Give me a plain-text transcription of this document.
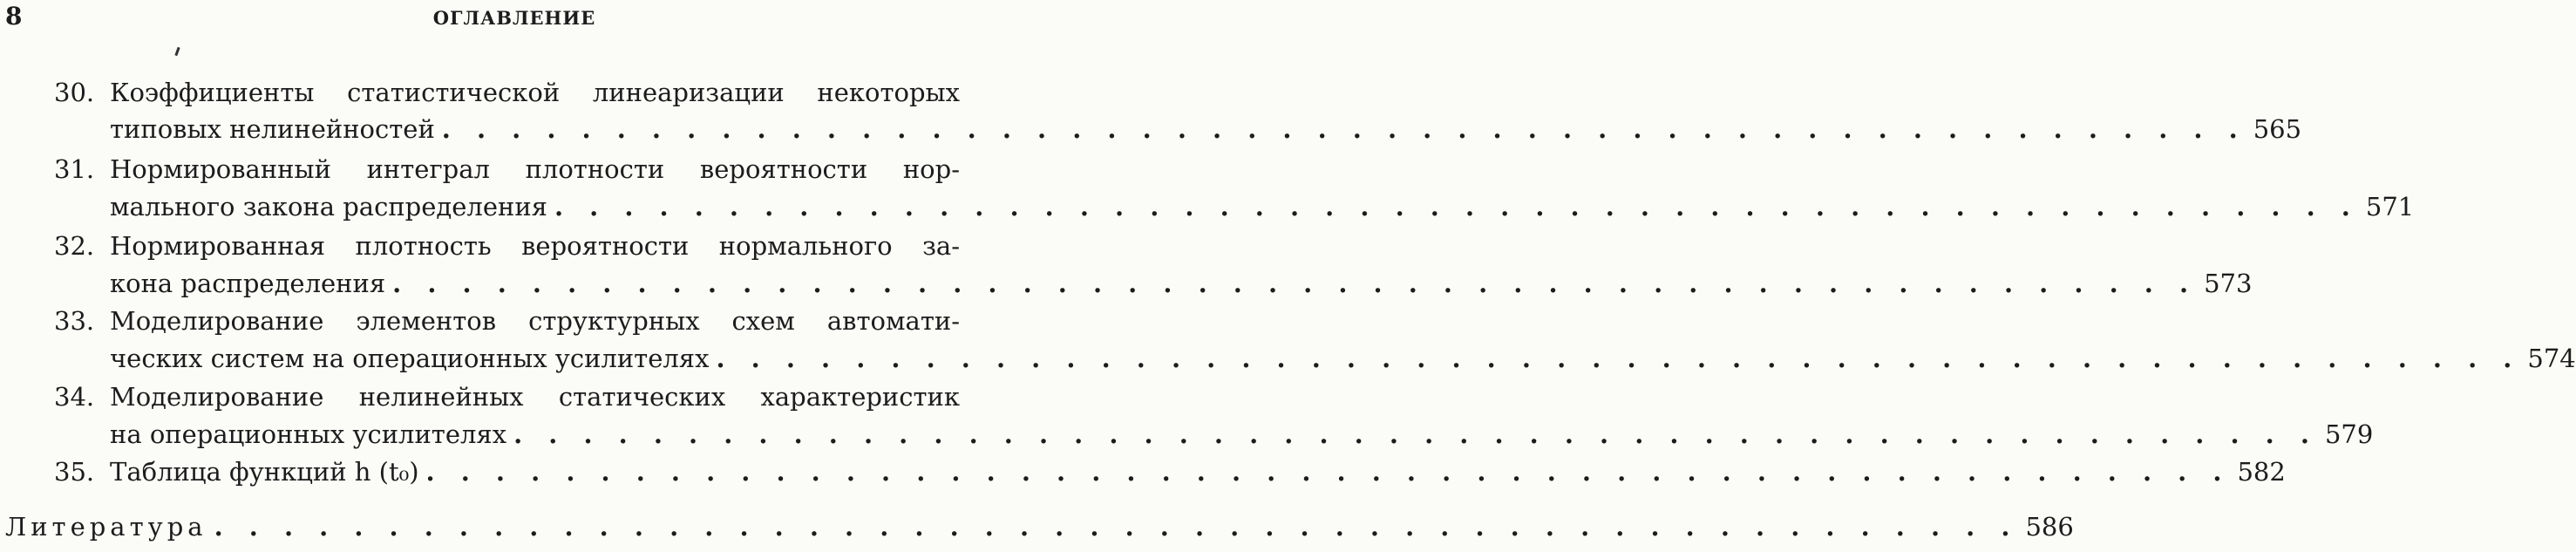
8	ОГЛАВЛЕНИЕ
30. Коэффициенты статистической линеаризации некоторых
типовых нелинейностей . . . . . . . . . . . . . . . . . . . . . . . . . . . . . . . . . . . . . . . . . . . . . . . . . . . . 565
31. Нормированный интеграл плотности вероятности нор-
мального закона распределения . . . . . . . . . . . . . . . . . . . . . . . . . . . . . . . . . . . . . . . . . . . . . . . . . . . . 571
32. Нормированная плотность вероятности нормального за-
кона распределения . . . . . . . . . . . . . . . . . . . . . . . . . . . . . . . . . . . . . . . . . . . . . . . . . . . . 573
33. Моделирование элементов структурных схем автомати-
ческих систем на операционных усилителях . . . . . . . . . . . . . . . . . . . . . . . . . . . . . . . . . . . . . . . . . . . . . . . . . . . . 574
34. Моделирование нелинейных статических характеристик
на операционных усилителях . . . . . . . . . . . . . . . . . . . . . . . . . . . . . . . . . . . . . . . . . . . . . . . . . . . . 579
35. Таблица функций h (t₀) . . . . . . . . . . . . . . . . . . . . . . . . . . . . . . . . . . . . . . . . . . . . . . . . . . . . 582
Литература . . . . . . . . . . . . . . . . . . . . . . . . . . . . . . . . . . . . . . . . . . . . . . . . . . . . 586
